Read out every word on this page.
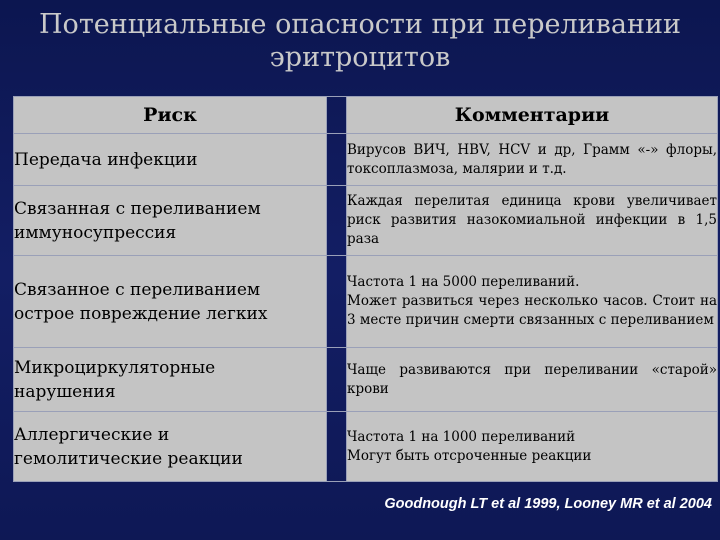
Потенциальные опасности при переливании
эритроцитов
Риск		Комментарии

Передача инфекции		Вирусов ВИЧ, HBV, HCV и др, Грамм «-» флоры, токсоплазмоза, малярии и т.д.

Связанная с переливанием
иммуносупрессия		Каждая перелитая единица крови увеличивает риск развития назокомиальной инфекции в 1,5 раза

Связанное с переливанием
острое повреждение легких		Частота 1 на 5000 переливаний.
Может развиться через несколько часов. Стоит на 3 месте причин смерти связанных с переливанием

Микроциркуляторные
нарушения		Чаще развиваются при переливании «старой» крови

Аллергические и
гемолитические реакции		Частота 1 на 1000 переливаний
Могут быть отсроченные реакции
Goodnough LT et al 1999, Looney MR et al 2004
